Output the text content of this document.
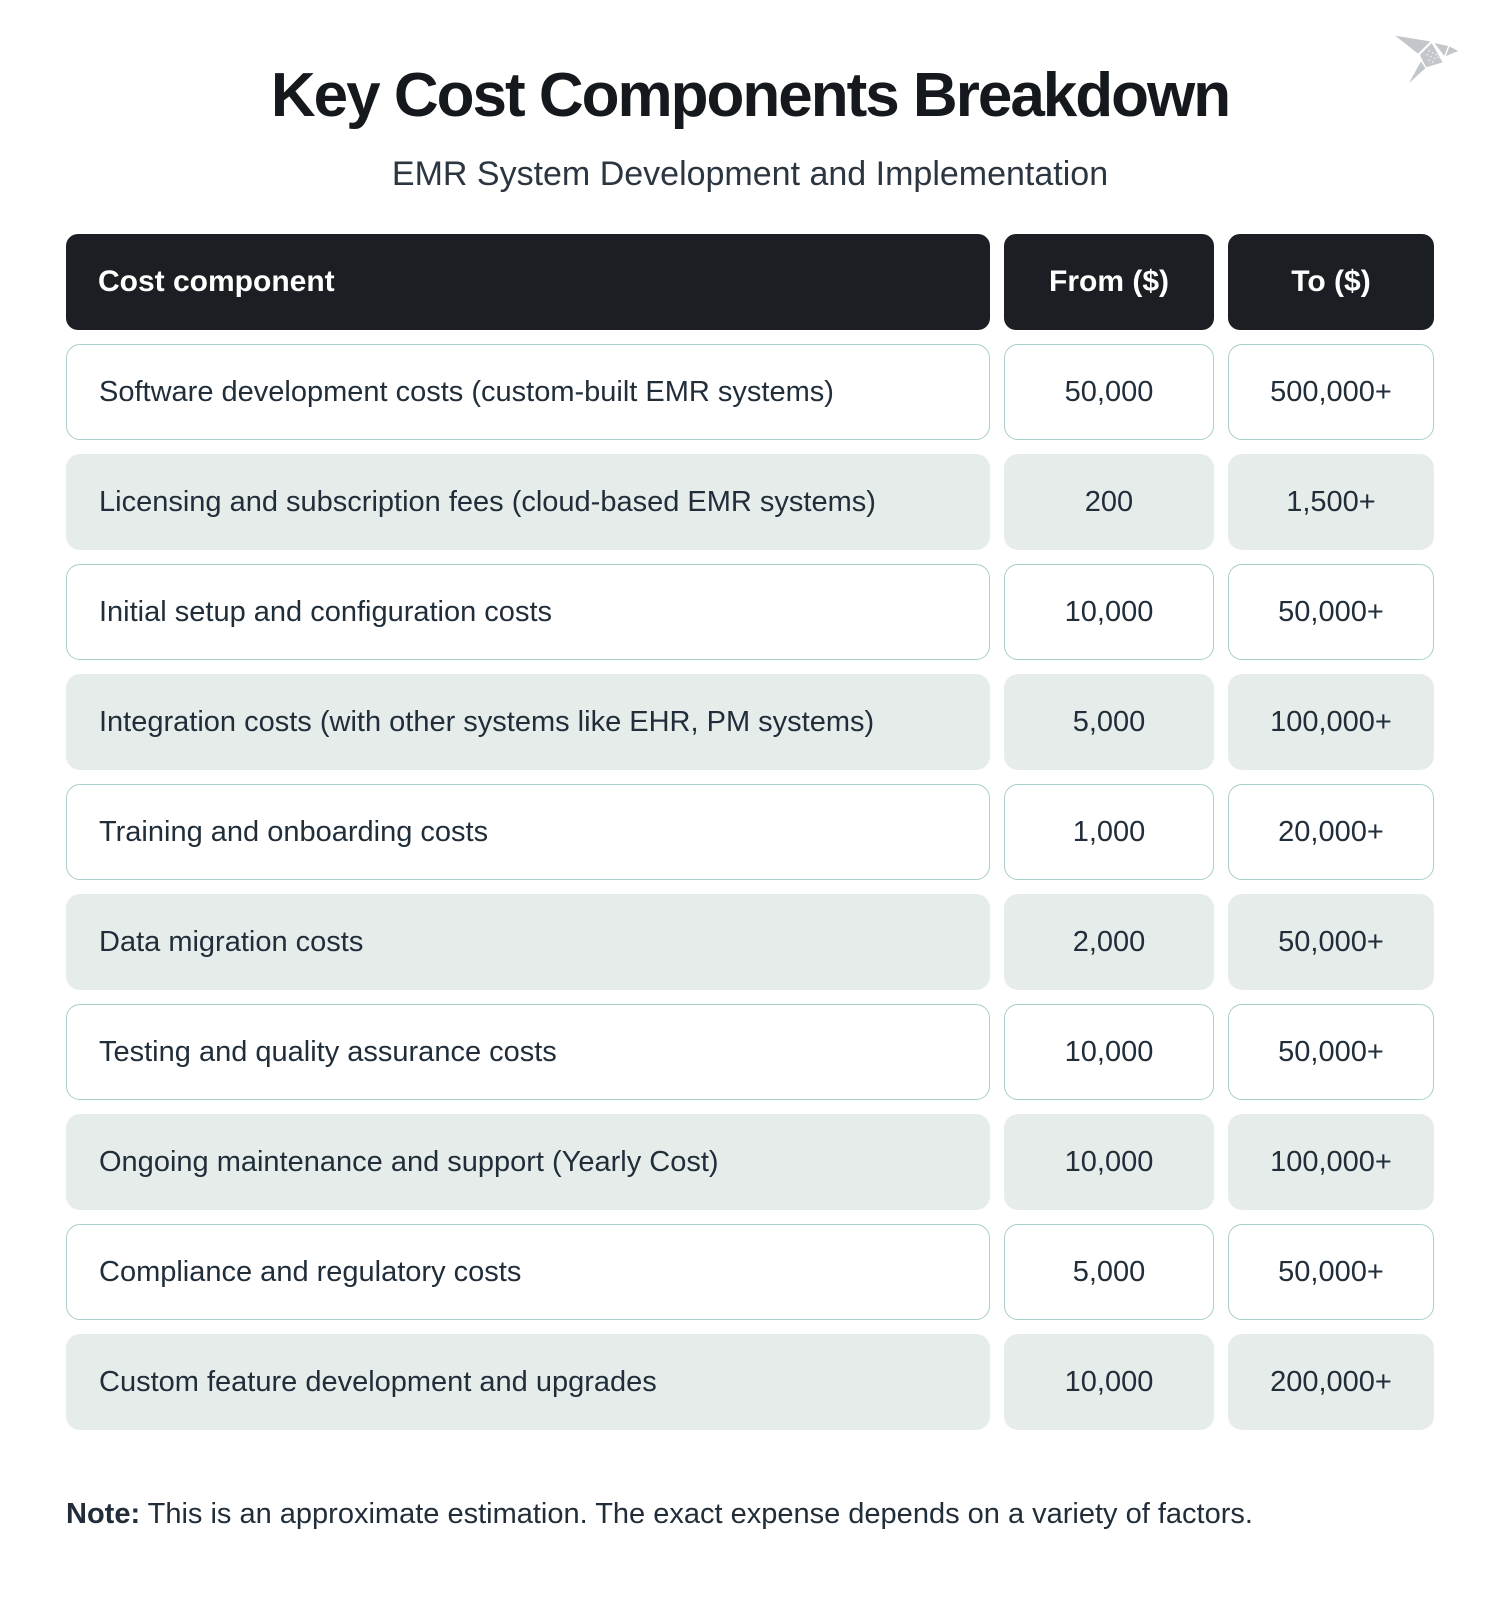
Key Cost Components Breakdown
EMR System Development and Implementation
Cost component	From ($)	To ($)
Software development costs (custom-built EMR systems)	50,000	500,000+
Licensing and subscription fees (cloud-based EMR systems)	200	1,500+
Initial setup and configuration costs	10,000	50,000+
Integration costs (with other systems like EHR, PM systems)	5,000	100,000+
Training and onboarding costs	1,000	20,000+
Data migration costs	2,000	50,000+
Testing and quality assurance costs	10,000	50,000+
Ongoing maintenance and support (Yearly Cost)	10,000	100,000+
Compliance and regulatory costs	5,000	50,000+
Custom feature development and upgrades	10,000	200,000+
Note: This is an approximate estimation. The exact expense depends on a variety of factors.
